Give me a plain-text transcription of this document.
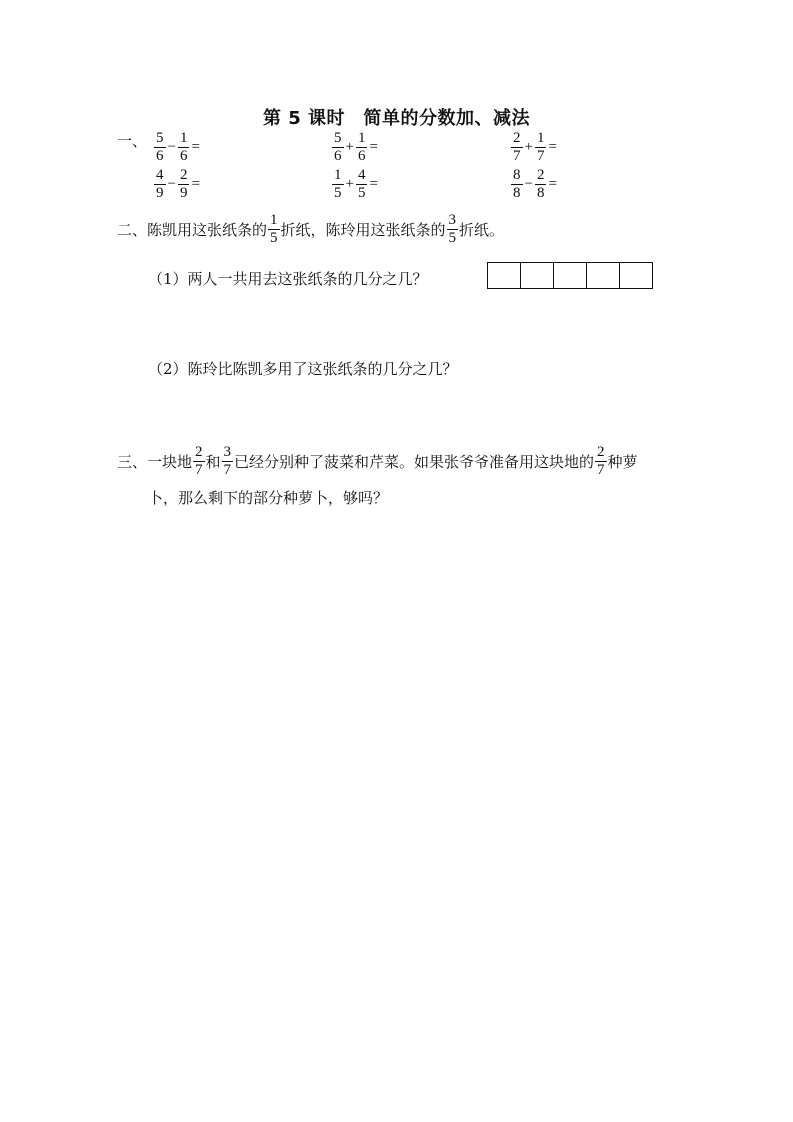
第 5 课时　简单的分数加、减法
一、 $\frac{5}{6} - \frac{1}{6}$ =	$\frac{5}{6} + \frac{1}{6}$ =	$\frac{2}{7} + \frac{1}{7}$ =
$\frac{4}{9} - \frac{2}{9}$ =	$\frac{1}{5} + \frac{4}{5}$ =	$\frac{8}{8} - \frac{2}{8}$ =
二、陈凯用这张纸条的 $\frac{1}{5}$ 折纸，陈玲用这张纸条的 $\frac{3}{5}$ 折纸。
（1）两人一共用去这张纸条的几分之几？
（2）陈玲比陈凯多用了这张纸条的几分之几？
三、一块地 $\frac{2}{7}$ 和 $\frac{3}{7}$ 已经分别种了菠菜和芹菜。如果张爷爷准备用这块地的 $\frac{2}{7}$ 种萝
卜，那么剩下的部分种萝卜，够吗？
